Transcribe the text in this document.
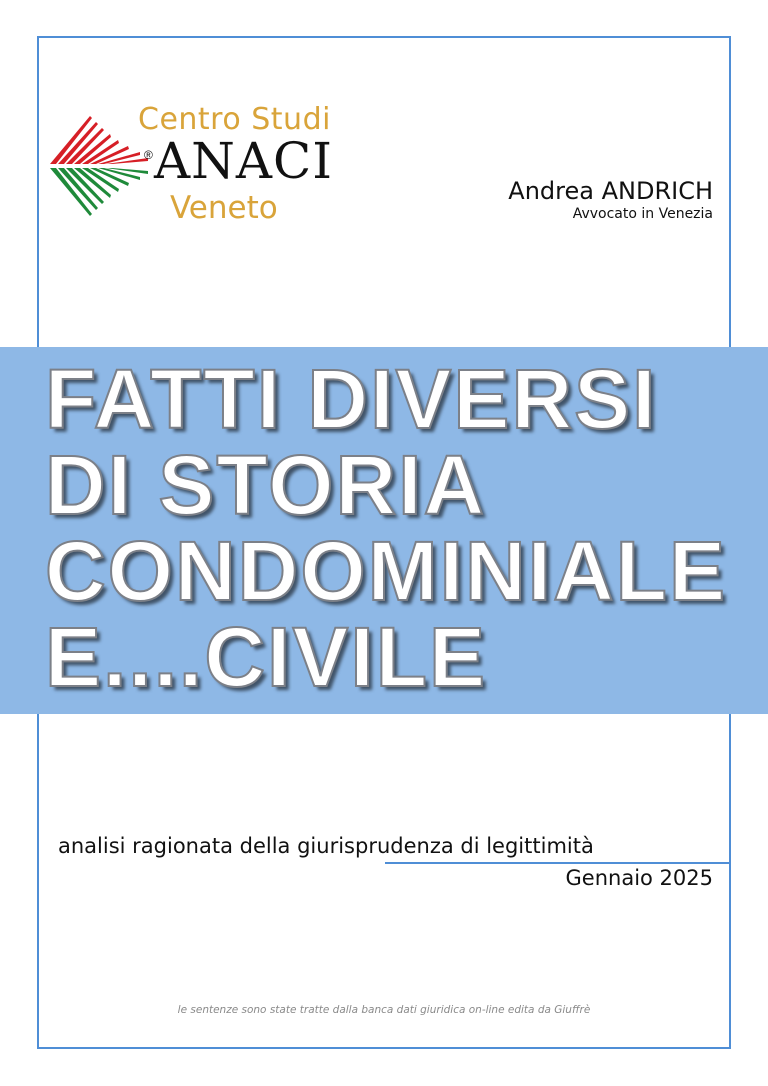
Centro Studi
® ANACI
Veneto	Andrea ANDRICH
Avvocato in Venezia
FATTI DIVERSI
DI STORIA
CONDOMINIALE
E....CIVILE
analisi ragionata della giurisprudenza di legittimità
Gennaio 2025
le sentenze sono state tratte dalla banca dati giuridica on-line edita da Giuffrè
